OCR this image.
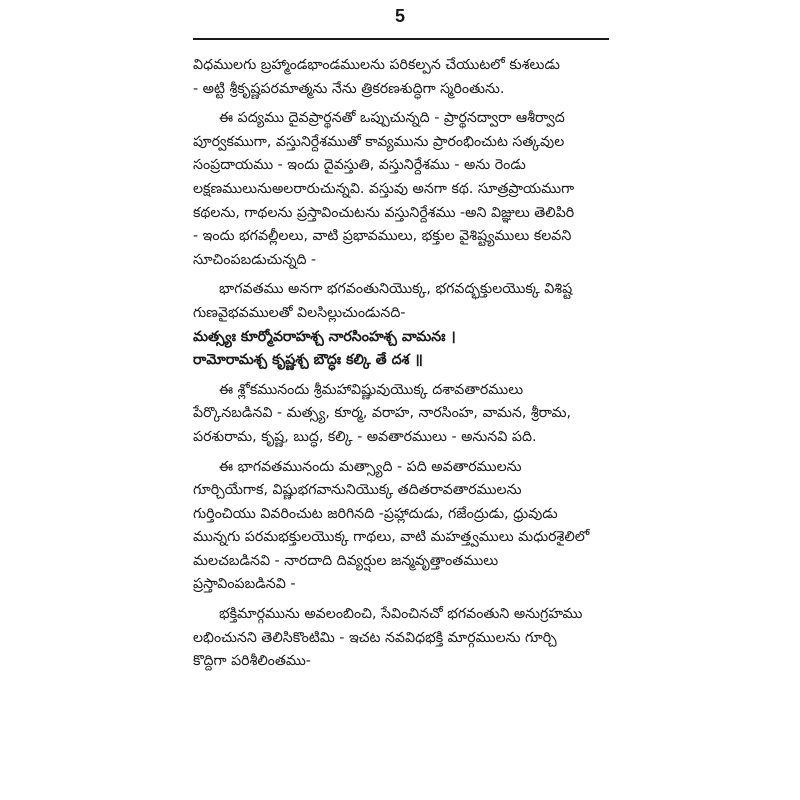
5
విధములగు బ్రహ్మాండభాండములను పరికల్పన చేయుటలో కుశలుడు
- అట్టి శ్రీకృష్ణపరమాత్మను నేను త్రికరణశుద్ధిగా స్మరింతును.
ఈ పద్యము దైవప్రార్థనతో ఒప్పుచున్నది - ప్రార్థనద్వారా ఆశీర్వాద
పూర్వకముగా, వస్తునిర్దేశముతో కావ్యమును ప్రారంభించుట సత్కవుల
సంప్రదాయము - ఇందు దైవస్తుతి, వస్తునిర్దేశము - అను రెండు
లక్షణములునుఅలరారుచున్నవి. వస్తువు అనగా కథ. సూత్రప్రాయముగా
కథలను, గాథలను ప్రస్తావించుటను వస్తునిర్దేశము -అని విజ్ఞులు తెలిపిరి
- ఇందు భగవల్లీలలు, వాటి ప్రభావములు, భక్తుల వైశిష్ట్యములు కలవని
సూచింపబడుచున్నది -
భాగవతము అనగా భగవంతునియొక్క, భగవద్భక్తులయొక్క విశిష్ట
గుణవైభవములతో విలసిల్లుచుండునది-
మత్స్యః కూర్మోవరాహశ్చ నారసింహశ్చ వామనః ।
రామోరామశ్చ కృష్ణశ్చ బౌద్ధః కల్కి తే దశ ॥
ఈ శ్లోకమునందు శ్రీమహావిష్ణువుయొక్క దశావతారములు
పేర్కొనబడినవి - మత్స్య, కూర్మ, వరాహ, నారసింహ, వామన, శ్రీరామ,
పరశురామ, కృష్ణ, బుద్ధ, కల్కి - అవతారములు - అనునవి పది.
ఈ భాగవతమునందు మత్స్యాది - పది అవతారములను
గూర్చియేగాక, విష్ణుభగవానునియొక్క తదితరావతారములను
గుర్తించియు వివరించుట జరిగినది -ప్రహ్లాదుడు, గజేంద్రుడు, ధ్రువుడు
మున్నగు పరమభక్తులయొక్క గాథలు, వాటి మహత్త్వములు మధురశైలిలో
మలచబడినవి - నారదాది దివ్యర్షుల జన్మవృత్తాంతములు
ప్రస్తావింపబడినవి -
భక్తిమార్గమును అవలంబించి, సేవించినచో భగవంతుని అనుగ్రహము
లభించునని తెలిసికొంటిమి - ఇచట నవవిధభక్తి మార్గములను గూర్చి
కొద్దిగా పరిశీలింతము-
